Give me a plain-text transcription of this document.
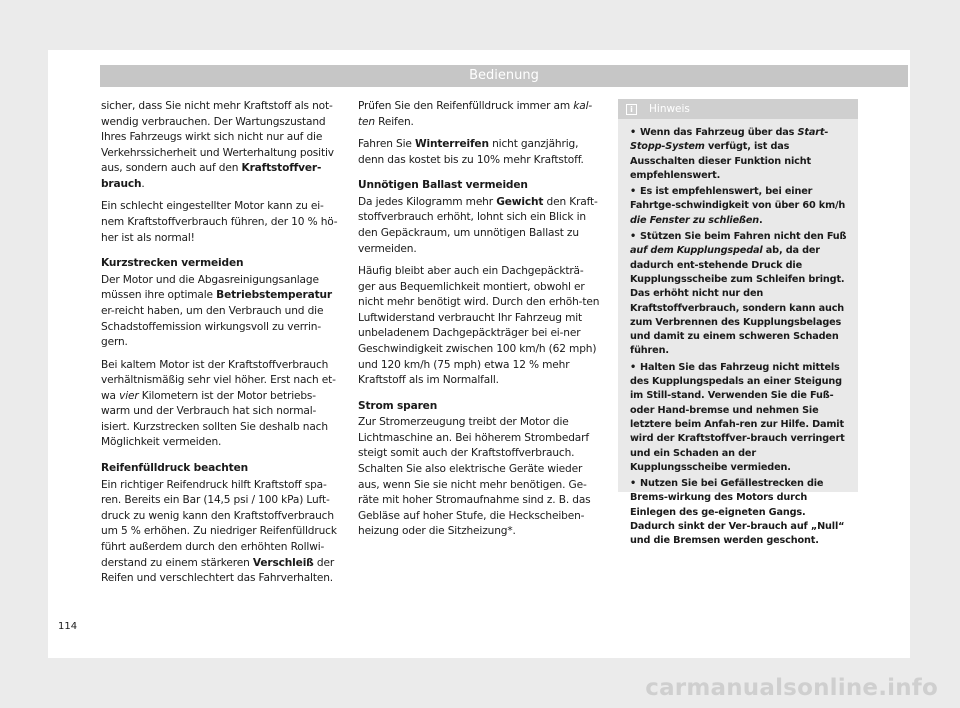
Bedienung

sicher, dass Sie nicht mehr Kraftstoff als not-wendig verbrauchen. Der Wartungszustand Ihres Fahrzeugs wirkt sich nicht nur auf die Verkehrssicherheit und Werterhaltung positiv aus, sondern auch auf den Kraftstoffver-brauch.

Ein schlecht eingestellter Motor kann zu ei-nem Kraftstoffverbrauch führen, der 10 % hö-her ist als normal!

Kurzstrecken vermeiden

Der Motor und die Abgasreinigungsanlage müssen ihre optimale Betriebstemperatur er-reicht haben, um den Verbrauch und die Schadstoffemission wirkungsvoll zu verrin-gern.

Bei kaltem Motor ist der Kraftstoffverbrauch verhältnismäßig sehr viel höher. Erst nach et-wa vier Kilometern ist der Motor betriebs-warm und der Verbrauch hat sich normal-isiert. Kurzstrecken sollten Sie deshalb nach Möglichkeit vermeiden.

Reifenfülldruck beachten

Ein richtiger Reifendruck hilft Kraftstoff spa-ren. Bereits ein Bar (14,5 psi / 100 kPa) Luft-druck zu wenig kann den Kraftstoffverbrauch um 5 % erhöhen. Zu niedriger Reifenfülldruck führt außerdem durch den erhöhten Rollwi-derstand zu einem stärkeren Verschleiß der Reifen und verschlechtert das Fahrverhalten.

Prüfen Sie den Reifenfülldruck immer am kal-ten Reifen.

Fahren Sie Winterreifen nicht ganzjährig, denn das kostet bis zu 10% mehr Kraftstoff.

Unnötigen Ballast vermeiden

Da jedes Kilogramm mehr Gewicht den Kraft-stoffverbrauch erhöht, lohnt sich ein Blick in den Gepäckraum, um unnötigen Ballast zu vermeiden.

Häufig bleibt aber auch ein Dachgepäckträ-ger aus Bequemlichkeit montiert, obwohl er nicht mehr benötigt wird. Durch den erhöh-ten Luftwiderstand verbraucht Ihr Fahrzeug mit unbeladenem Dachgepäckträger bei ei-ner Geschwindigkeit zwischen 100 km/h (62 mph) und 120 km/h (75 mph) etwa 12 % mehr Kraftstoff als im Normalfall.

Strom sparen

Zur Stromerzeugung treibt der Motor die Lichtmaschine an. Bei höherem Strombedarf steigt somit auch der Kraftstoffverbrauch. Schalten Sie also elektrische Geräte wieder aus, wenn Sie sie nicht mehr benötigen. Ge-räte mit hoher Stromaufnahme sind z. B. das Gebläse auf hoher Stufe, die Heckscheiben-heizung oder die Sitzheizung*.

i	Hinweis
• Wenn das Fahrzeug über das Start-Stopp-System verfügt, ist das Ausschalten dieser Funktion nicht empfehlenswert.
• Es ist empfehlenswert, bei einer Fahrtge-schwindigkeit von über 60 km/h die Fenster zu schließen.
• Stützen Sie beim Fahren nicht den Fuß auf dem Kupplungspedal ab, da der dadurch ent-stehende Druck die Kupplungsscheibe zum Schleifen bringt. Das erhöht nicht nur den Kraftstoffverbrauch, sondern kann auch zum Verbrennen des Kupplungsbelages und damit zu einem schweren Schaden führen.
• Halten Sie das Fahrzeug nicht mittels des Kupplungspedals an einer Steigung im Still-stand. Verwenden Sie die Fuß- oder Hand-bremse und nehmen Sie letztere beim Anfah-ren zur Hilfe. Damit wird der Kraftstoffver-brauch verringert und ein Schaden an der Kupplungsscheibe vermieden.
• Nutzen Sie bei Gefällestrecken die Brems-wirkung des Motors durch Einlegen des ge-eigneten Gangs. Dadurch sinkt der Ver-brauch auf „Null“ und die Bremsen werden geschont.
114
carmanualsonline.info
